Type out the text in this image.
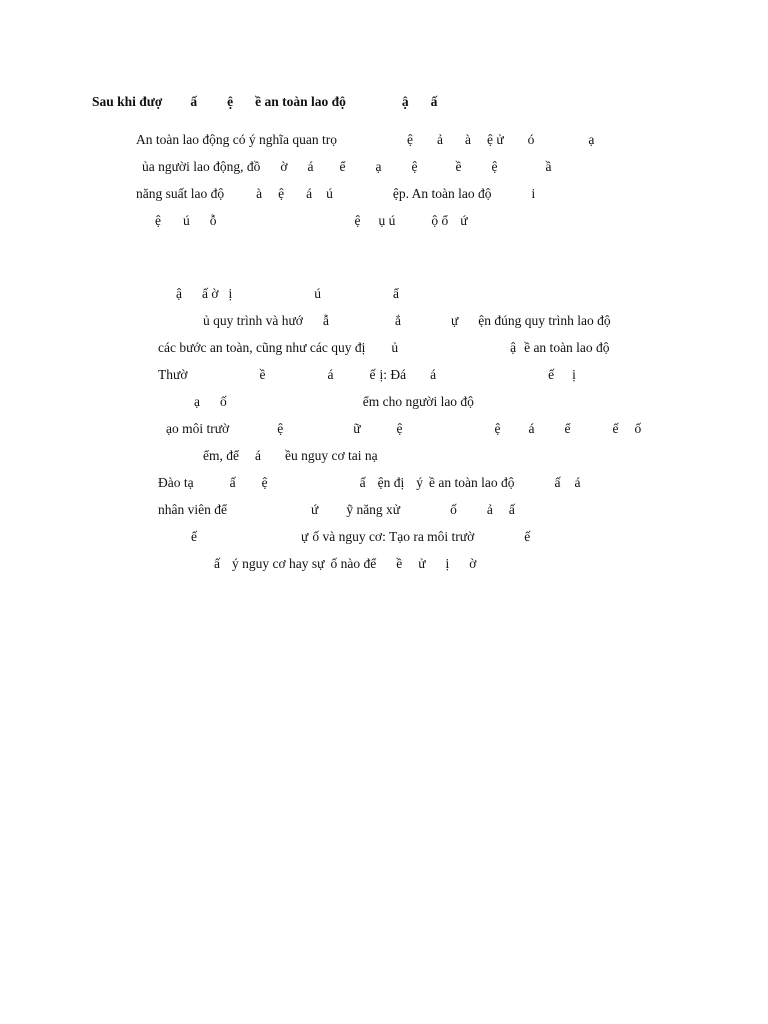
Sau khi đượ ấ ệ ề an toàn lao độ	ậ ấ
An toàn lao động có ý nghĩa quan trọ	ệ ả à ệ ử ó	ạ
ủa người lao động, đồ ờ á ể ạ ệ	ề ệ	ầ
năng suất lao độ à ệ á ú	ệp. An toàn lao độ	i
ệ ú ỗ	ệ ụ ú	ộ ổ ứ
ậ ấ ờ ị	ú	ẩ
ủ quy trình và hướ ẫ	ắ	ự ện đúng quy trình lao độ
các bước an toàn, cũng như các quy đị ủ	ậ ề an toàn lao độ
Thườ	ề	á	ế ị: Đá á	ế ị
ạ ố	ểm cho người lao độ
ạo môi trườ	ệ	ữ	ệ	ệ á ể	ế ố
ểm, để á ều nguy cơ tai nạ
Đào tạ	ấ ệ	ấ ện đị ý ề an toàn lao độ	ấ á
nhân viên để	ứ ỹ năng xử	ố ả ấ
ế	ự ố và nguy cơ: Tạo ra môi trườ	ế
ấ ý nguy cơ hay sự ố nào để ề ử ị ờ
